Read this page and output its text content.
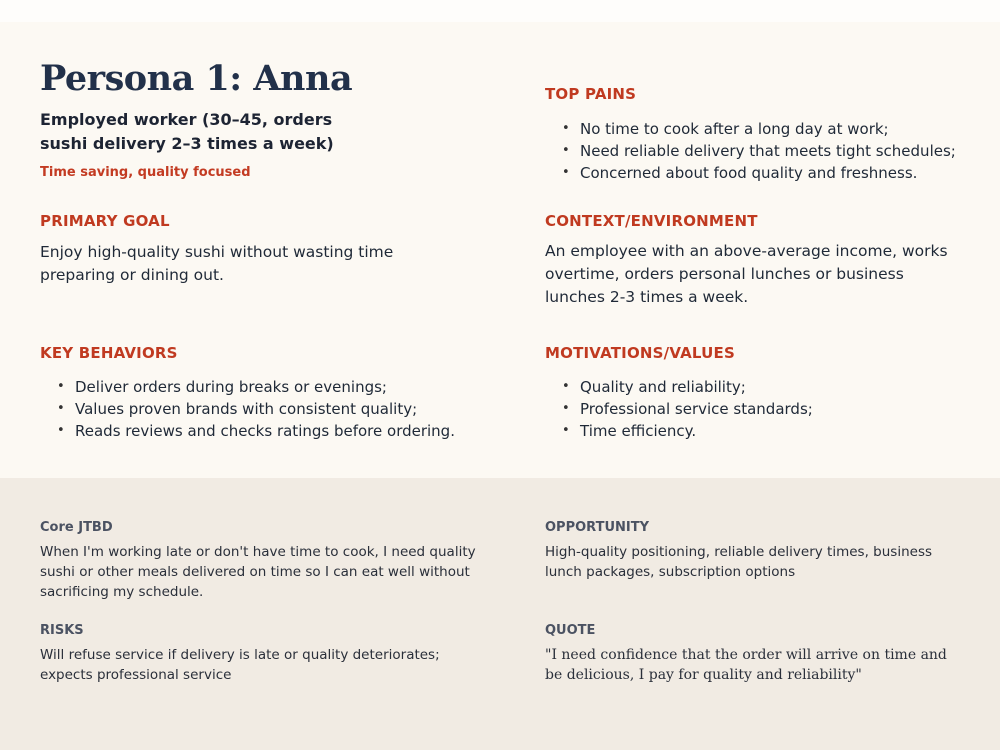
Persona 1: Anna
Employed worker (30–45, orders sushi delivery 2–3 times a week)
Time saving, quality focused
PRIMARY GOAL
Enjoy high-quality sushi without wasting time preparing or dining out.
KEY BEHAVIORS
• Deliver orders during breaks or evenings;
• Values proven brands with consistent quality;
• Reads reviews and checks ratings before ordering.
TOP PAINS
• No time to cook after a long day at work;
• Need reliable delivery that meets tight schedules;
• Concerned about food quality and freshness.
CONTEXT/ENVIRONMENT
An employee with an above-average income, works overtime, orders personal lunches or business lunches 2-3 times a week.
MOTIVATIONS/VALUES
• Quality and reliability;
• Professional service standards;
• Time efficiency.
Core JTBD
When I'm working late or don't have time to cook, I need quality sushi or other meals delivered on time so I can eat well without sacrificing my schedule.
RISKS
Will refuse service if delivery is late or quality deteriorates; expects professional service
OPPORTUNITY
High-quality positioning, reliable delivery times, business lunch packages, subscription options
QUOTE
"I need confidence that the order will arrive on time and be delicious, I pay for quality and reliability"
